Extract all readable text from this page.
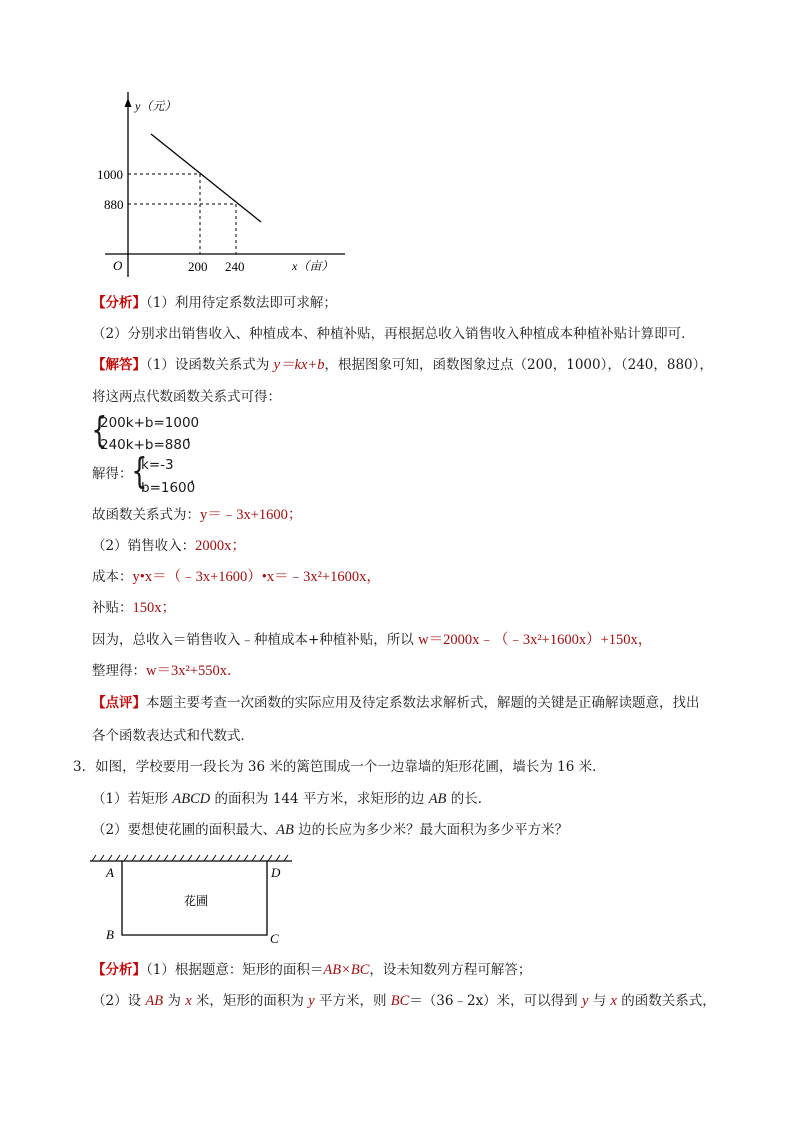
y（元）
x（亩）
O
1000
880
200 240
【分析】（1）利用待定系数法即可求解；
（2）分别求出销售收入、种植成本、种植补贴，再根据总收入销售收入种植成本种植补贴计算即可．
【解答】（1）设函数关系式为 y＝kx+b，根据图象可知，函数图象过点（200，1000），（240，880），
将这两点代数函数关系式可得：
{
200k+b=1000
240k+b=880
，
解得：
{
k=-3
b=1600
，
故函数关系式为：y＝﹣3x+1600；
（2）销售收入：2000x；
成本：y•x＝（﹣3x+1600）•x＝﹣3x²+1600x，
补贴：150x；
因为，总收入＝销售收入﹣种植成本+种植补贴，所以 w＝2000x﹣（﹣3x²+1600x）+150x，
整理得：w＝3x²+550x．
【点评】本题主要考查一次函数的实际应用及待定系数法求解析式，解题的关键是正确解读题意，找出
各个函数表达式和代数式．
3．如图，学校要用一段长为 36 米的篱笆围成一个一边靠墙的矩形花圃，墙长为 16 米．
（1）若矩形 ABCD 的面积为 144 平方米，求矩形的边 AB 的长．
（2）要想使花圃的面积最大、AB 边的长应为多少米？最大面积为多少平方米？
A
B	C
D
花圃
【分析】（1）根据题意：矩形的面积＝AB×BC，设未知数列方程可解答；
（2）设 AB 为 x 米，矩形的面积为 y 平方米，则 BC＝（36﹣2x）米，可以得到 y 与 x 的函数关系式，
